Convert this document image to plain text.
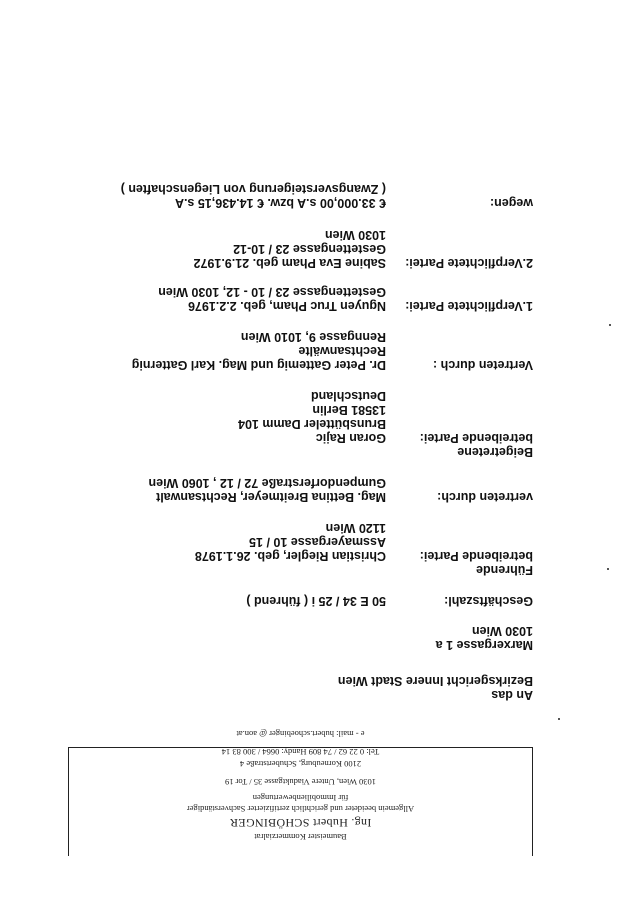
Baumeister Kommerzialrat
Ing. Hubert SCHÖBINGER
Allgemein beeideter und gerichtlich zertifizierter Sachverständiger
für Immobilienbewertungen
1030 Wien, Untere Viaduktgasse 35 / Tor 19
2100 Korneuburg, Schubertstraße 4
Tel: 0 22 62 / 74 809 Handy: 0664 / 300 83 14
e - mail: hubert.schoebinger @ aon.at
An das
Bezirksgericht Innere Stadt Wien
Marxergasse 1 a
1030 Wien
Geschäftszahl:
50 E 34 / 25 i ( führend )
Führende
betreibende Partei:
Christian Riegler, geb. 26.1.1978
Assmayergasse 10 / 15
1120 Wien
vertreten durch:
Mag. Bettina Breitmeyer, Rechtsanwalt
Gumpendorferstraße 72 / 12 , 1060 Wien
Beigetretene
betreibende Partei:
Goran Rajic
Brunsbütteler Damm 104
13581 Berlin
Deutschland
Vertreten durch :
Dr. Peter Gattemig und Mag. Karl Gatternig
Rechtsanwälte
Renngasse 9, 1010 Wien
1.Verpflichtete Partei:
Nguyen Truc Pham, geb. 2.2.1976
Gestettengasse 23 / 10 - 12, 1030 Wien
2.Verpflichtete Partei:
Sabine Eva Pham geb. 21.9.1972
Gestettengasse 23 / 10-12
1030 Wien
wegen:
€ 33.000,00 s.A bzw. € 14.436,15 s.A
( Zwangsversteigerung von Liegenschaften )
